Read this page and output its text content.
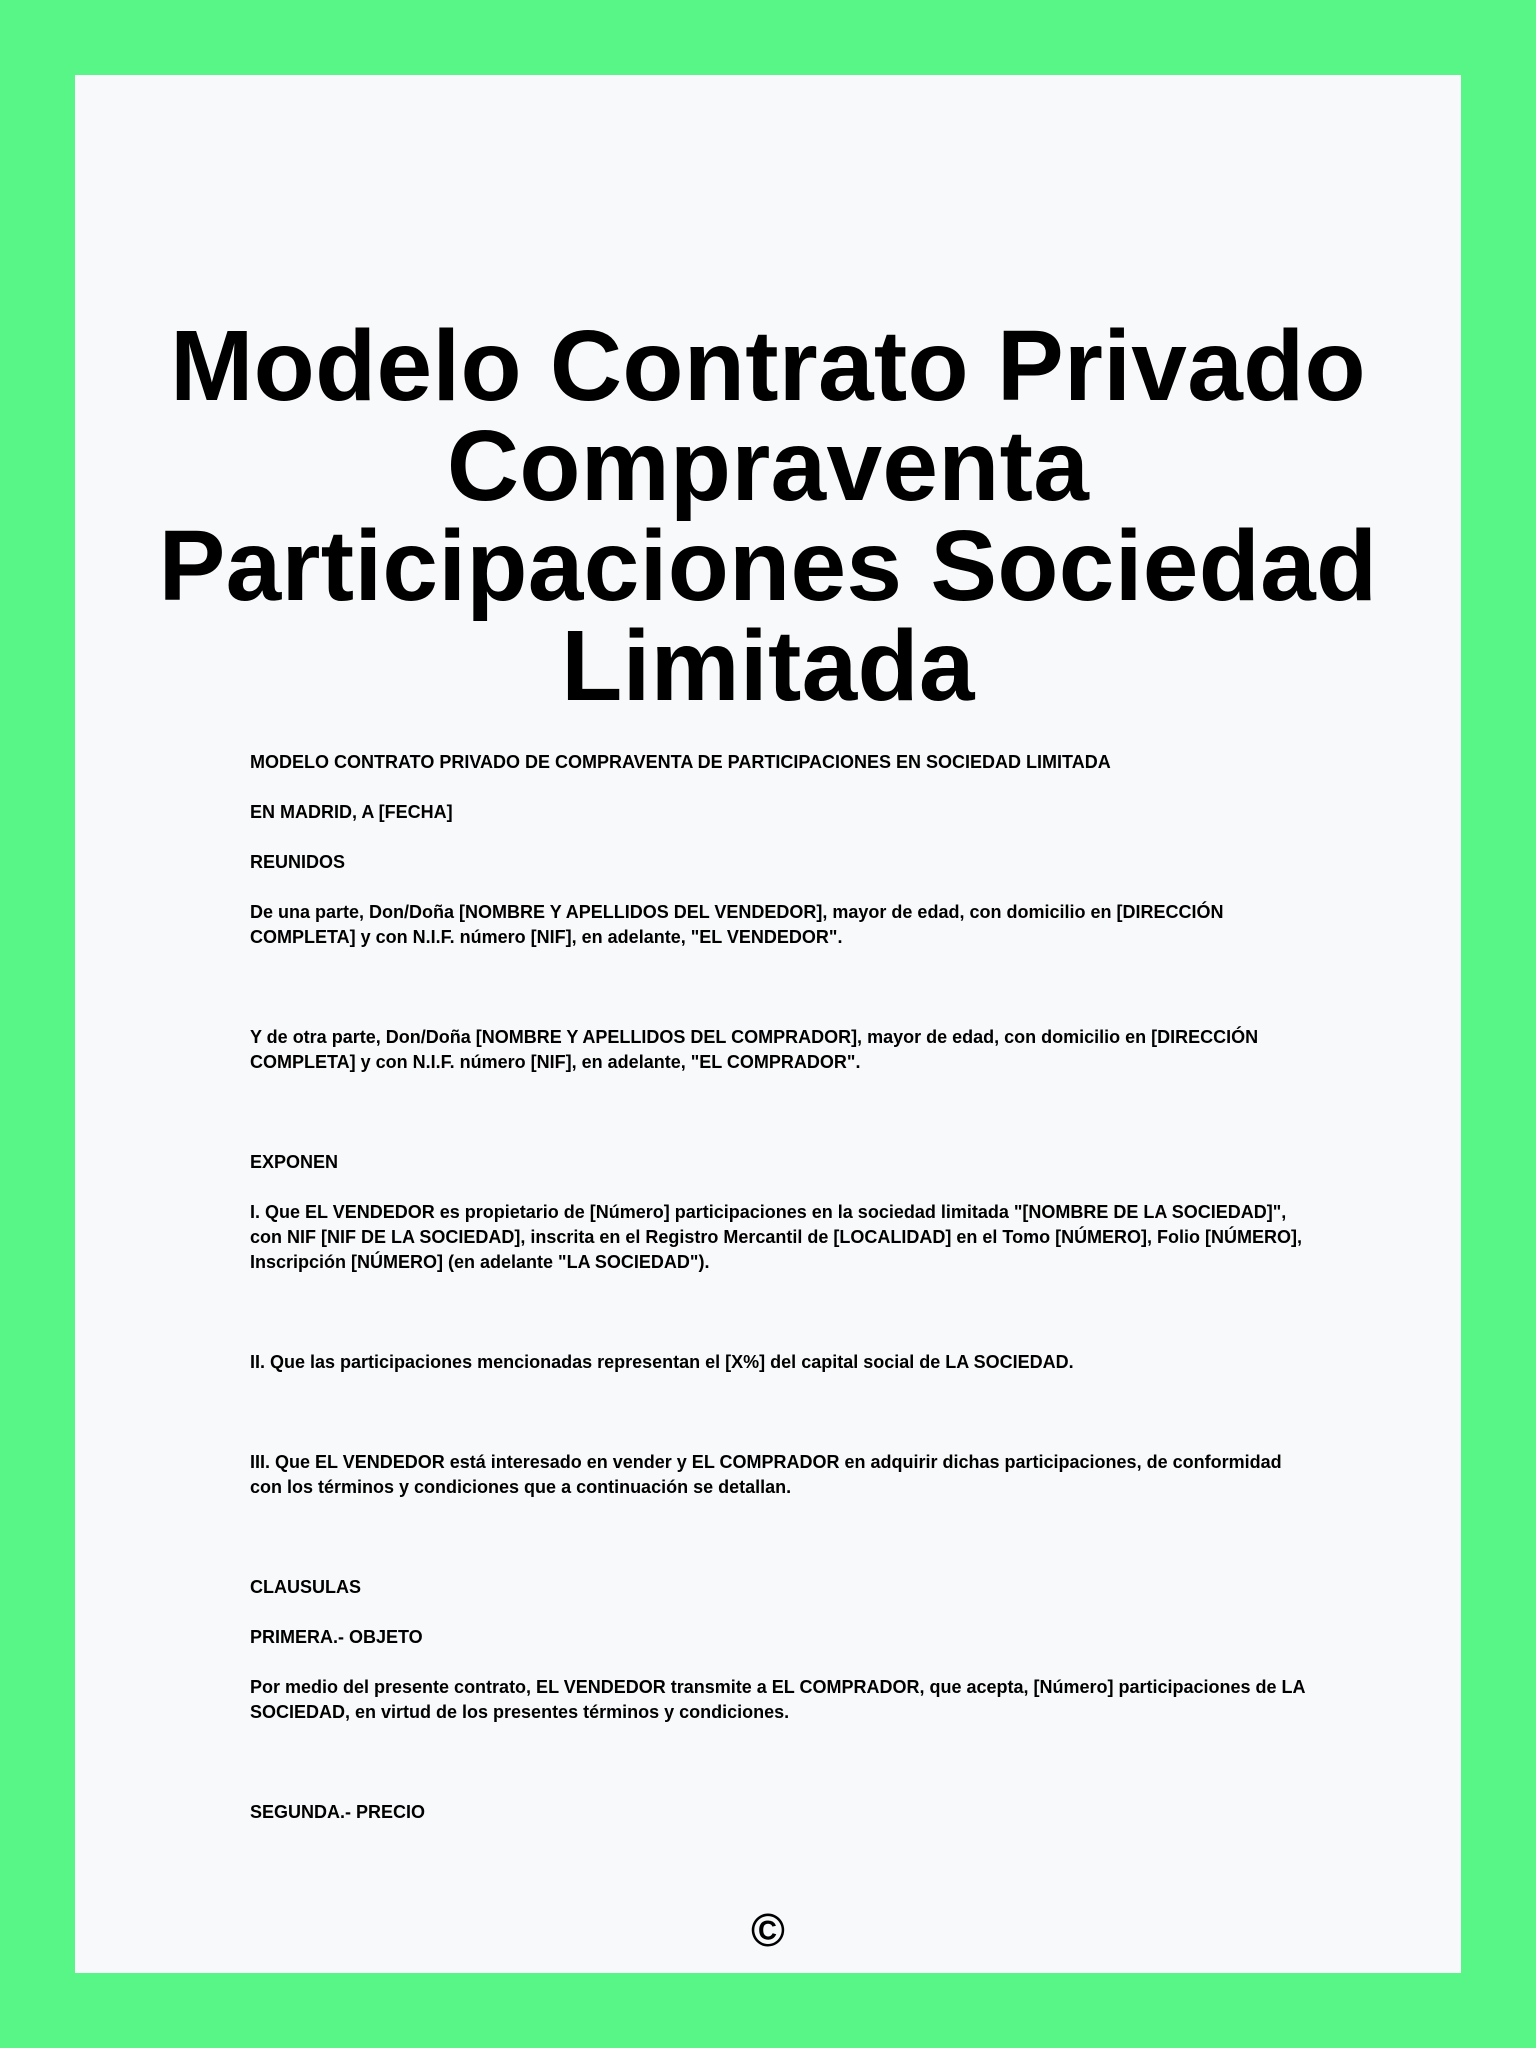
Modelo Contrato Privado
Compraventa
Participaciones Sociedad
Limitada

MODELO CONTRATO PRIVADO DE COMPRAVENTA DE PARTICIPACIONES EN SOCIEDAD LIMITADA

EN MADRID, A [FECHA]

REUNIDOS

De una parte, Don/Doña [NOMBRE Y APELLIDOS DEL VENDEDOR], mayor de edad, con domicilio en [DIRECCIÓN COMPLETA] y con N.I.F. número [NIF], en adelante, "EL VENDEDOR".

Y de otra parte, Don/Doña [NOMBRE Y APELLIDOS DEL COMPRADOR], mayor de edad, con domicilio en [DIRECCIÓN COMPLETA] y con N.I.F. número [NIF], en adelante, "EL COMPRADOR".

EXPONEN

I. Que EL VENDEDOR es propietario de [Número] participaciones en la sociedad limitada "[NOMBRE DE LA SOCIEDAD]", con NIF [NIF DE LA SOCIEDAD], inscrita en el Registro Mercantil de [LOCALIDAD] en el Tomo [NÚMERO], Folio [NÚMERO], Inscripción [NÚMERO] (en adelante "LA SOCIEDAD").

II. Que las participaciones mencionadas representan el [X%] del capital social de LA SOCIEDAD.

III. Que EL VENDEDOR está interesado en vender y EL COMPRADOR en adquirir dichas participaciones, de conformidad con los términos y condiciones que a continuación se detallan.

CLAUSULAS

PRIMERA.- OBJETO

Por medio del presente contrato, EL VENDEDOR transmite a EL COMPRADOR, que acepta, [Número] participaciones de LA SOCIEDAD, en virtud de los presentes términos y condiciones.

SEGUNDA.- PRECIO

©
